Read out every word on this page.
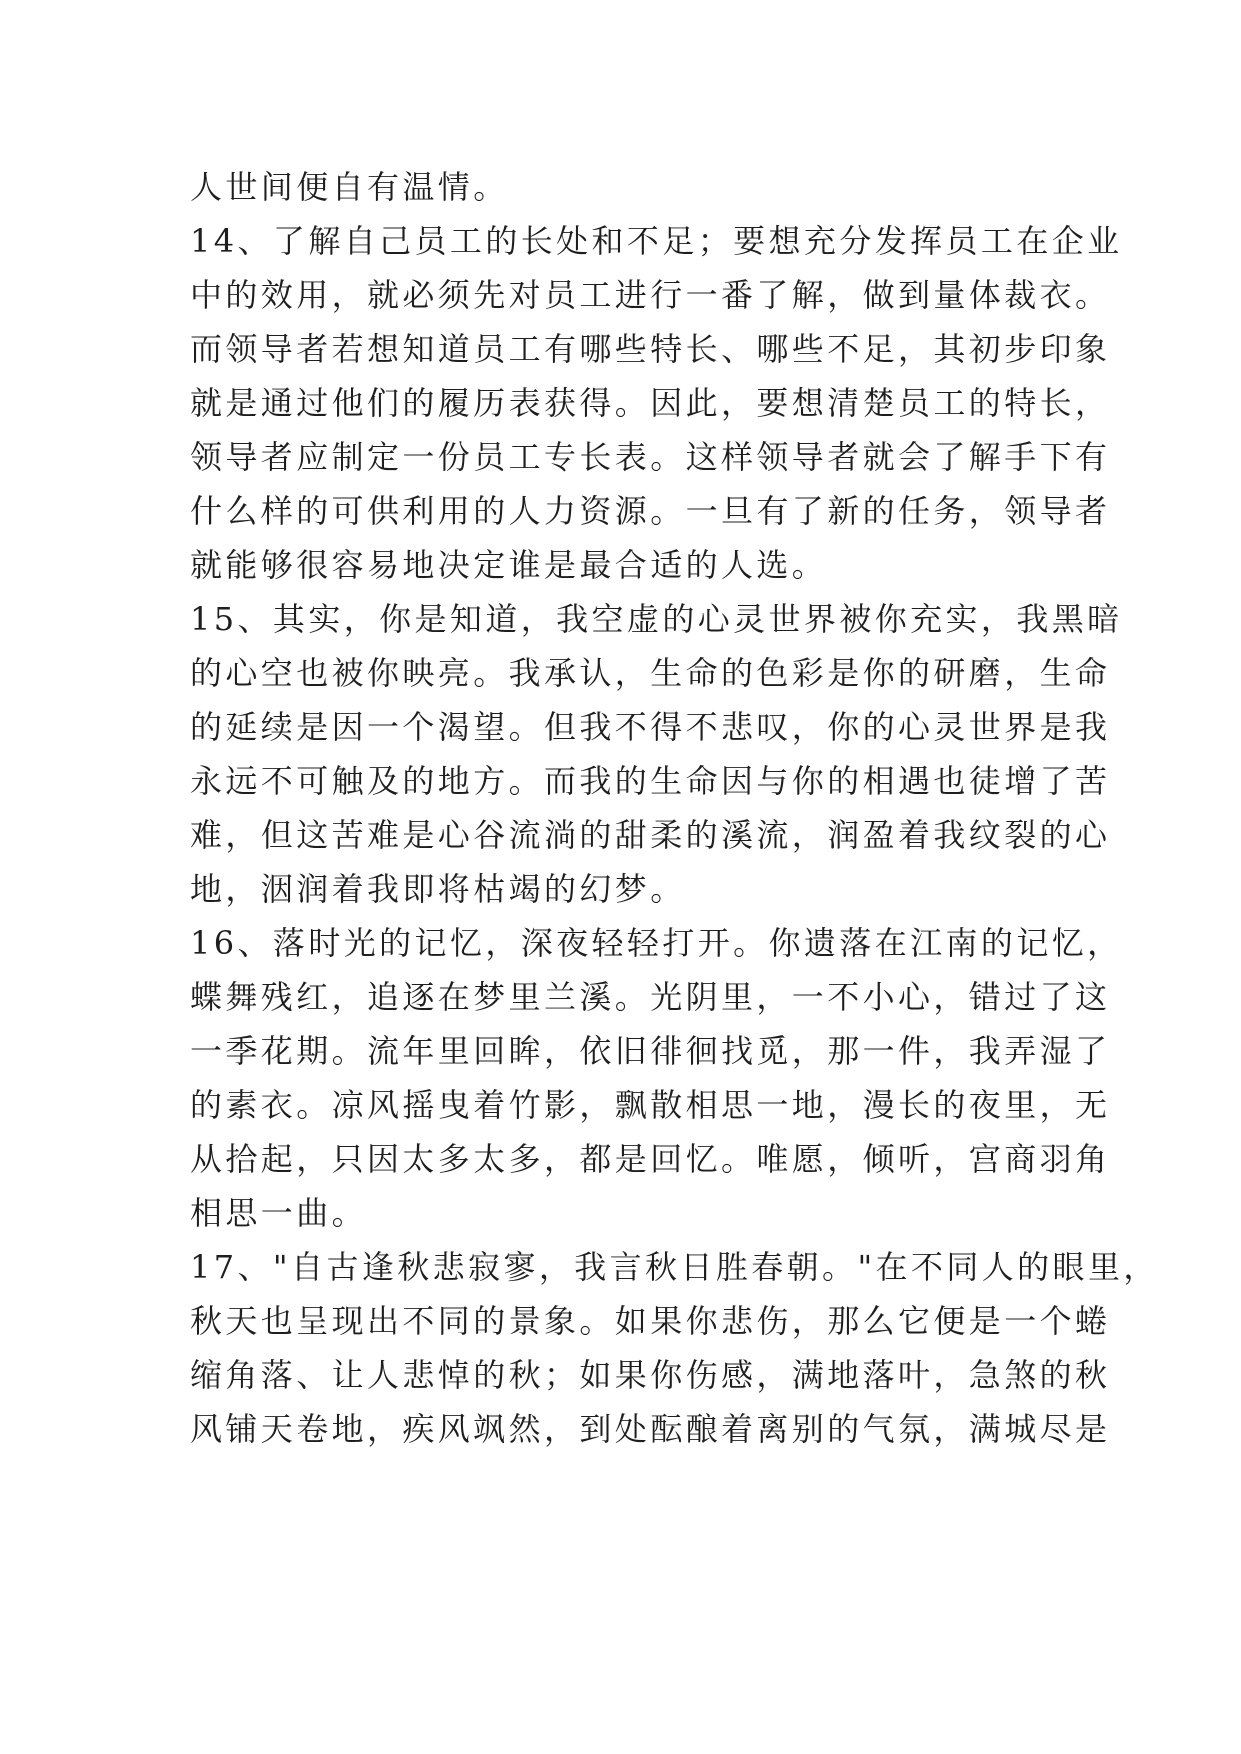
人世间便自有温情。
14、了解自己员工的长处和不足；要想充分发挥员工在企业
中的效用，就必须先对员工进行一番了解，做到量体裁衣。
而领导者若想知道员工有哪些特长、哪些不足，其初步印象
就是通过他们的履历表获得。因此，要想清楚员工的特长，
领导者应制定一份员工专长表。这样领导者就会了解手下有
什么样的可供利用的人力资源。一旦有了新的任务，领导者
就能够很容易地决定谁是最合适的人选。
15、其实，你是知道，我空虚的心灵世界被你充实，我黑暗
的心空也被你映亮。我承认，生命的色彩是你的研磨，生命
的延续是因一个渴望。但我不得不悲叹，你的心灵世界是我
永远不可触及的地方。而我的生命因与你的相遇也徒增了苦
难，但这苦难是心谷流淌的甜柔的溪流，润盈着我纹裂的心
地，洇润着我即将枯竭的幻梦。
16、落时光的记忆，深夜轻轻打开。你遗落在江南的记忆，
蝶舞残红，追逐在梦里兰溪。光阴里，一不小心，错过了这
一季花期。流年里回眸，依旧徘徊找觅，那一件，我弄湿了
的素衣。凉风摇曳着竹影，飘散相思一地，漫长的夜里，无
从拾起，只因太多太多，都是回忆。唯愿，倾听，宫商羽角
相思一曲。
17、"自古逢秋悲寂寥，我言秋日胜春朝。"在不同人的眼里，
秋天也呈现出不同的景象。如果你悲伤，那么它便是一个蜷
缩角落、让人悲悼的秋；如果你伤感，满地落叶，急煞的秋
风铺天卷地，疾风飒然，到处酝酿着离别的气氛，满城尽是
